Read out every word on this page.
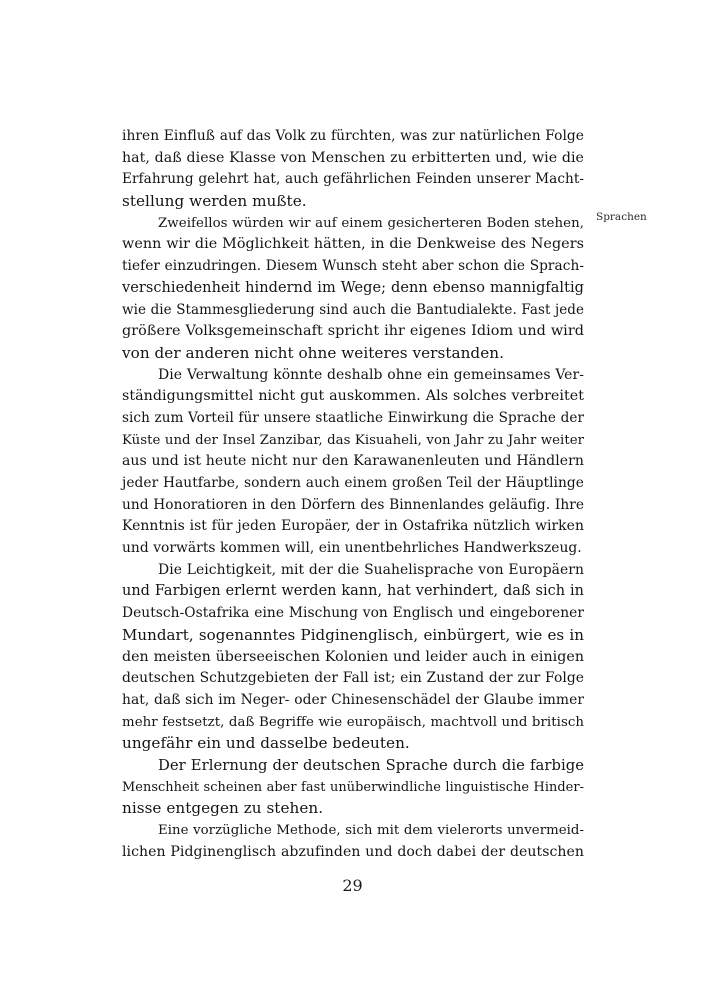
ihren Einfluß auf das Volk zu fürchten, was zur natürlichen Folge
hat, daß diese Klasse von Menschen zu erbitterten und, wie die
Erfahrung gelehrt hat, auch gefährlichen Feinden unserer Macht-
stellung werden mußte.
Zweifellos würden wir auf einem gesicherteren Boden stehen,
wenn wir die Möglichkeit hätten, in die Denkweise des Negers
tiefer einzudringen. Diesem Wunsch steht aber schon die Sprach-
verschiedenheit hindernd im Wege; denn ebenso mannigfaltig
wie die Stammesgliederung sind auch die Bantudialekte. Fast jede
größere Volksgemeinschaft spricht ihr eigenes Idiom und wird
von der anderen nicht ohne weiteres verstanden.
Die Verwaltung könnte deshalb ohne ein gemeinsames Ver-
ständigungsmittel nicht gut auskommen. Als solches verbreitet
sich zum Vorteil für unsere staatliche Einwirkung die Sprache der
Küste und der Insel Zanzibar, das Kisuaheli, von Jahr zu Jahr weiter
aus und ist heute nicht nur den Karawanenleuten und Händlern
jeder Hautfarbe, sondern auch einem großen Teil der Häuptlinge
und Honoratioren in den Dörfern des Binnenlandes geläufig. Ihre
Kenntnis ist für jeden Europäer, der in Ostafrika nützlich wirken
und vorwärts kommen will, ein unentbehrliches Handwerkszeug.
Die Leichtigkeit, mit der die Suahelisprache von Europäern
und Farbigen erlernt werden kann, hat verhindert, daß sich in
Deutsch-Ostafrika eine Mischung von Englisch und eingeborener
Mundart, sogenanntes Pidginenglisch, einbürgert, wie es in
den meisten überseeischen Kolonien und leider auch in einigen
deutschen Schutzgebieten der Fall ist; ein Zustand der zur Folge
hat, daß sich im Neger- oder Chinesenschädel der Glaube immer
mehr festsetzt, daß Begriffe wie europäisch, machtvoll und britisch
ungefähr ein und dasselbe bedeuten.
Der Erlernung der deutschen Sprache durch die farbige
Menschheit scheinen aber fast unüberwindliche linguistische Hinder-
nisse entgegen zu stehen.
Eine vorzügliche Methode, sich mit dem vielerorts unvermeid-
lichen Pidginenglisch abzufinden und doch dabei der deutschen
Sprachen
29
